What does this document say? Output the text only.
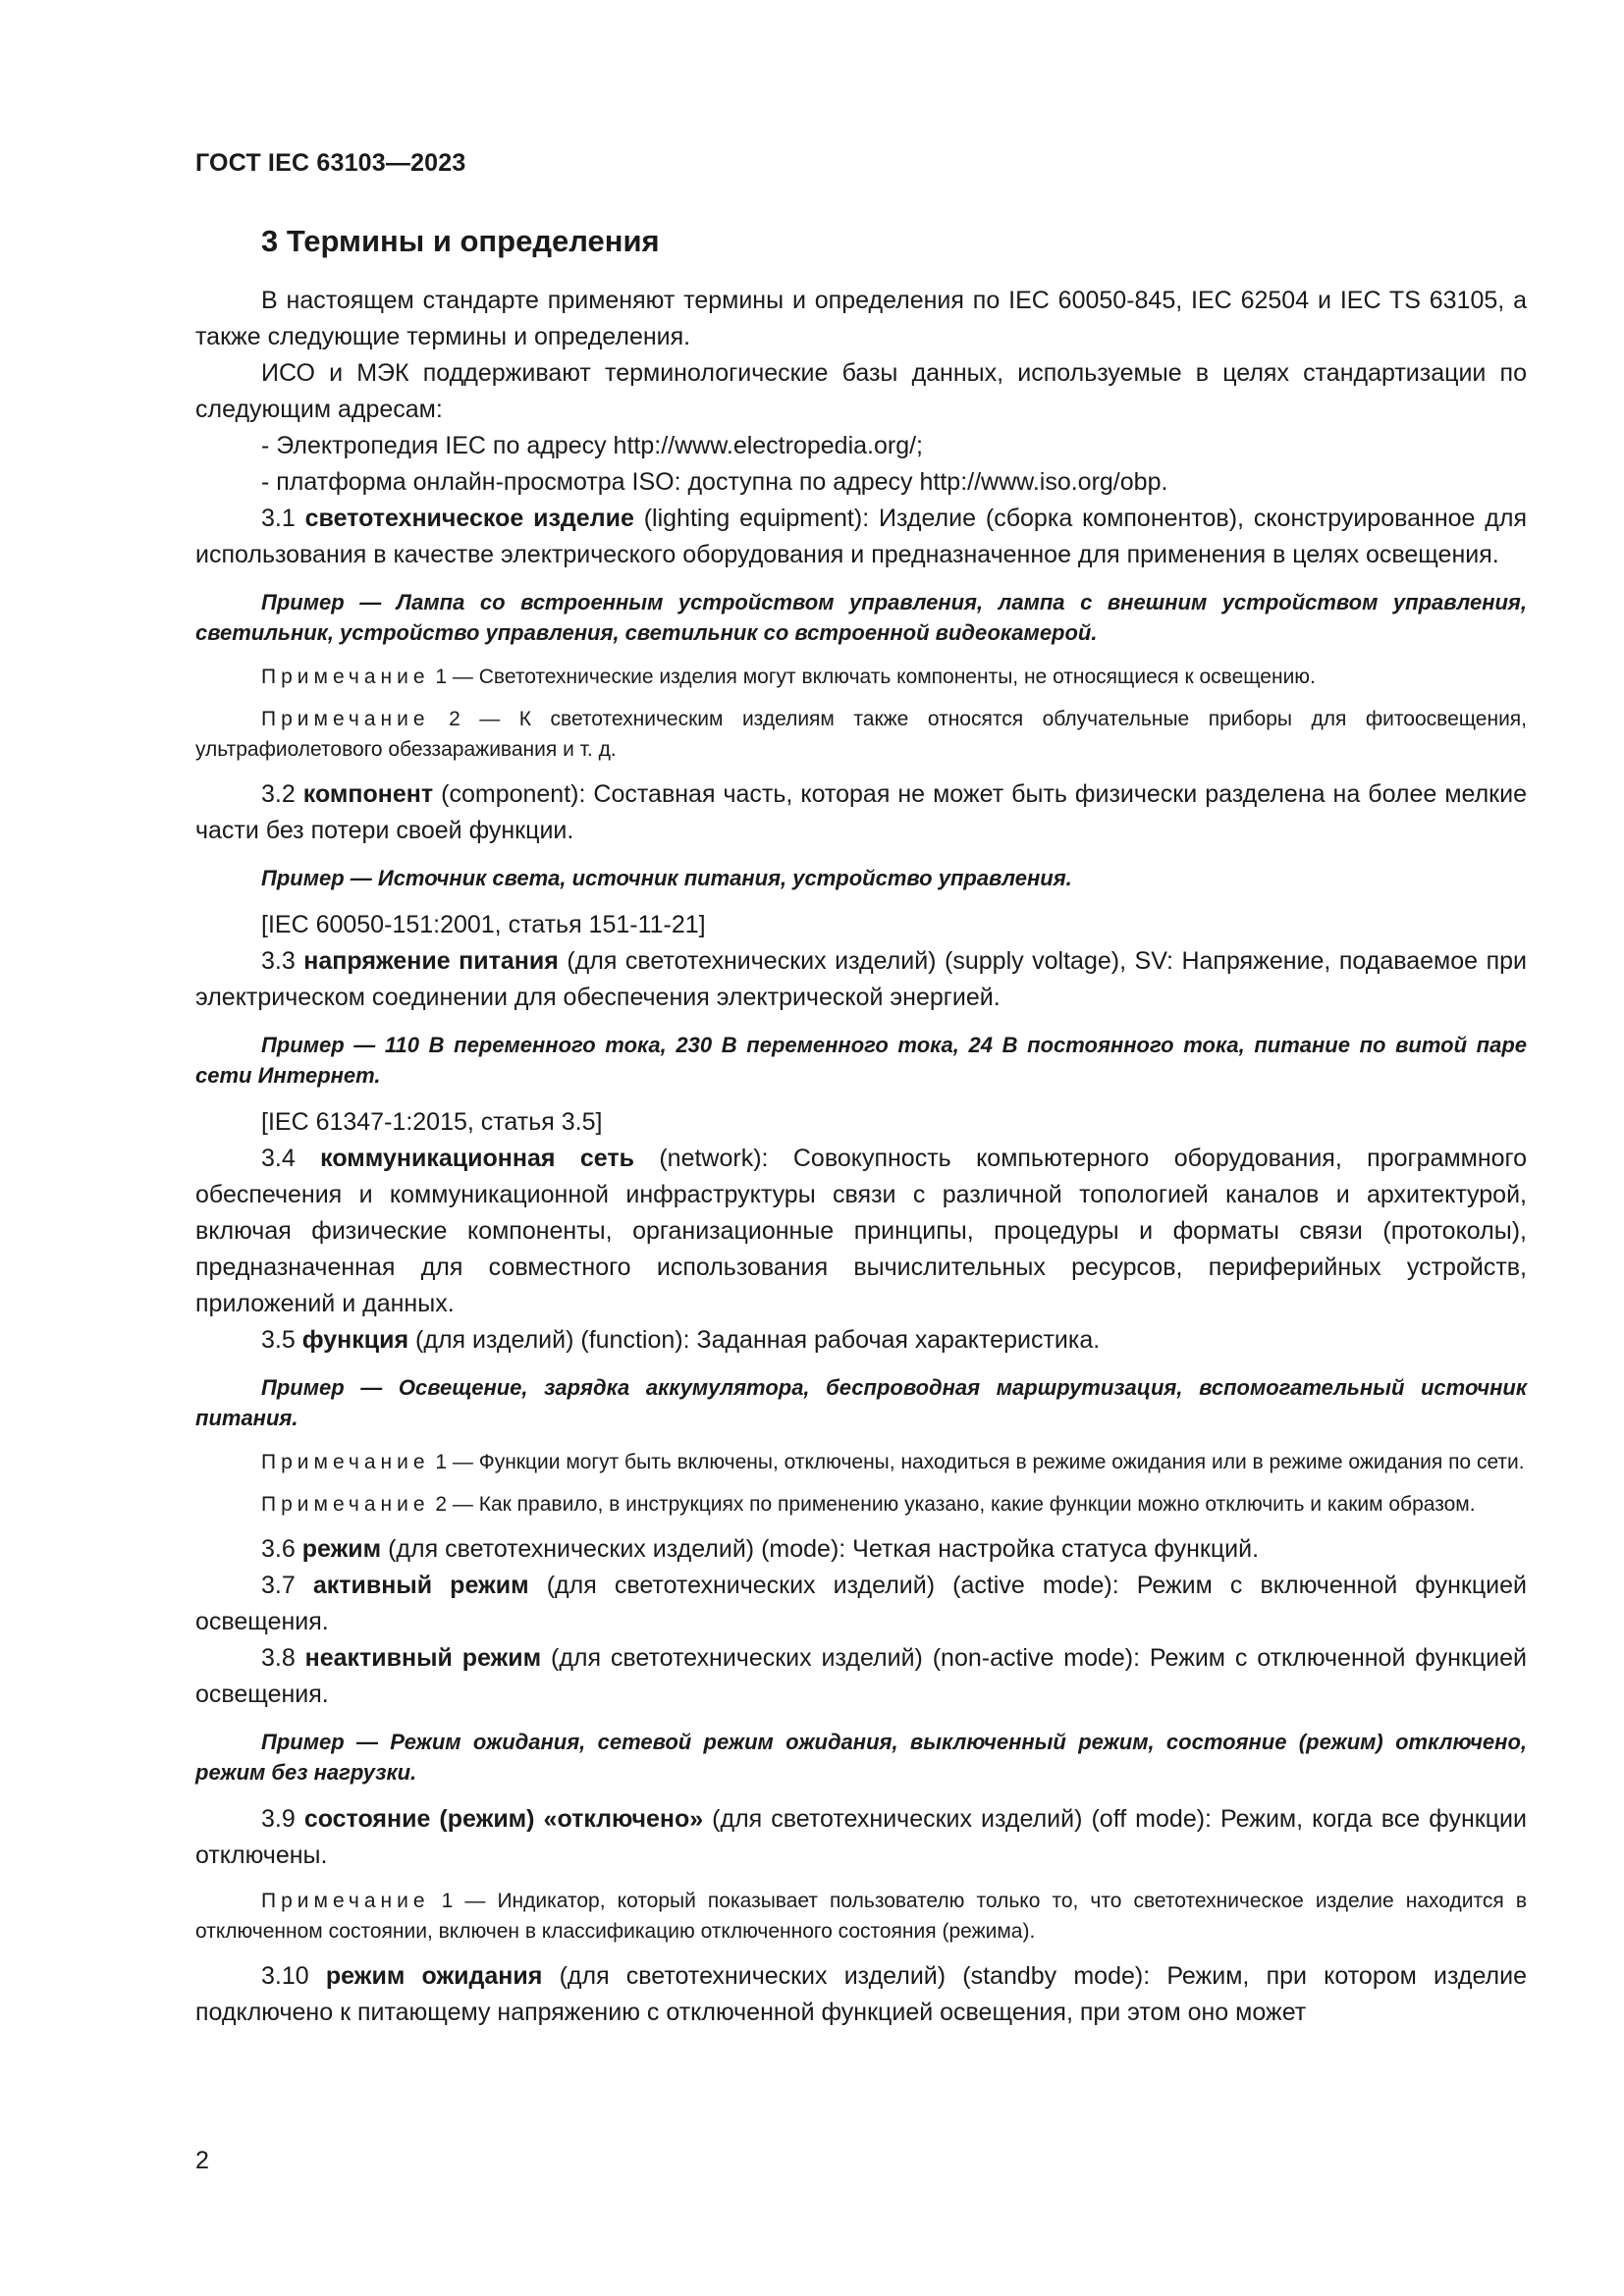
ГОСТ IEC 63103—2023
3 Термины и определения

В настоящем стандарте применяют термины и определения по IEC 60050-845, IEC 62504 и IEC TS 63105, а также следующие термины и определения.

ИСО и МЭК поддерживают терминологические базы данных, используемые в целях стандартизации по следующим адресам:

- Электропедия IEC по адресу http://www.electropedia.org/;

- платформа онлайн-просмотра ISO: доступна по адресу http://www.iso.org/obp.

3.1 светотехническое изделие (lighting equipment): Изделие (сборка компонентов), сконструированное для использования в качестве электрического оборудования и предназначенное для применения в целях освещения.

Пример — Лампа со встроенным устройством управления, лампа с внешним устройством управления, светильник, устройство управления, светильник со встроенной видеокамерой.

Примечание 1 — Светотехнические изделия могут включать компоненты, не относящиеся к освещению.

Примечание 2 — К светотехническим изделиям также относятся облучательные приборы для фитоосвещения, ультрафиолетового обеззараживания и т. д.

3.2 компонент (component): Составная часть, которая не может быть физически разделена на более мелкие части без потери своей функции.

Пример — Источник света, источник питания, устройство управления.

[IEC 60050-151:2001, статья 151-11-21]

3.3 напряжение питания (для светотехнических изделий) (supply voltage), SV: Напряжение, подаваемое при электрическом соединении для обеспечения электрической энергией.

Пример — 110 В переменного тока, 230 В переменного тока, 24 В постоянного тока, питание по витой паре сети Интернет.

[IEC 61347-1:2015, статья 3.5]

3.4 коммуникационная сеть (network): Совокупность компьютерного оборудования, программного обеспечения и коммуникационной инфраструктуры связи с различной топологией каналов и архитектурой, включая физические компоненты, организационные принципы, процедуры и форматы связи (протоколы), предназначенная для совместного использования вычислительных ресурсов, периферийных устройств, приложений и данных.

3.5 функция (для изделий) (function): Заданная рабочая характеристика.

Пример — Освещение, зарядка аккумулятора, беспроводная маршрутизация, вспомогательный источник питания.

Примечание 1 — Функции могут быть включены, отключены, находиться в режиме ожидания или в режиме ожидания по сети.

Примечание 2 — Как правило, в инструкциях по применению указано, какие функции можно отключить и каким образом.

3.6 режим (для светотехнических изделий) (mode): Четкая настройка статуса функций.

3.7 активный режим (для светотехнических изделий) (active mode): Режим с включенной функцией освещения.

3.8 неактивный режим (для светотехнических изделий) (non-active mode): Режим с отключенной функцией освещения.

Пример — Режим ожидания, сетевой режим ожидания, выключенный режим, состояние (режим) отключено, режим без нагрузки.

3.9 состояние (режим) «отключено» (для светотехнических изделий) (off mode): Режим, когда все функции отключены.

Примечание 1 — Индикатор, который показывает пользователю только то, что светотехническое изделие находится в отключенном состоянии, включен в классификацию отключенного состояния (режима).

3.10 режим ожидания (для светотехнических изделий) (standby mode): Режим, при котором изделие подключено к питающему напряжению с отключенной функцией освещения, при этом оно может

2
